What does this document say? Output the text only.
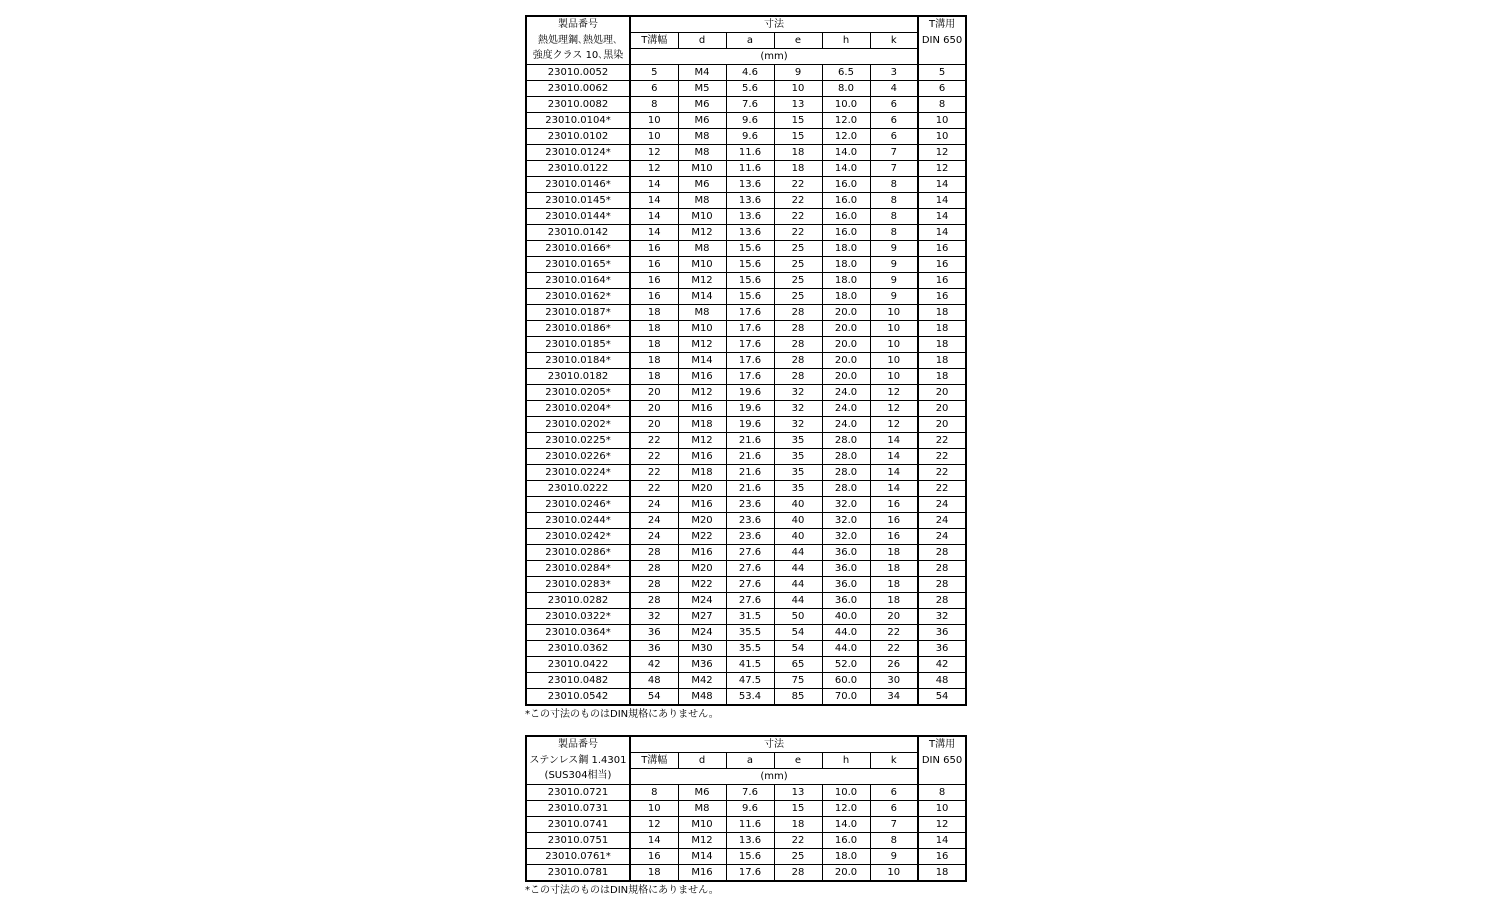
製品番号	寸法						T溝用
熱処理鋼､熱処理､	T溝幅	d	a	e	h	k	DIN 650
強度クラス 10､黒染	(mm)						
23010.0052	5	M4	4.6	9	6.5	3	5
23010.0062	6	M5	5.6	10	8.0	4	6
23010.0082	8	M6	7.6	13	10.0	6	8
23010.0104*	10	M6	9.6	15	12.0	6	10
23010.0102	10	M8	9.6	15	12.0	6	10
23010.0124*	12	M8	11.6	18	14.0	7	12
23010.0122	12	M10	11.6	18	14.0	7	12
23010.0146*	14	M6	13.6	22	16.0	8	14
23010.0145*	14	M8	13.6	22	16.0	8	14
23010.0144*	14	M10	13.6	22	16.0	8	14
23010.0142	14	M12	13.6	22	16.0	8	14
23010.0166*	16	M8	15.6	25	18.0	9	16
23010.0165*	16	M10	15.6	25	18.0	9	16
23010.0164*	16	M12	15.6	25	18.0	9	16
23010.0162*	16	M14	15.6	25	18.0	9	16
23010.0187*	18	M8	17.6	28	20.0	10	18
23010.0186*	18	M10	17.6	28	20.0	10	18
23010.0185*	18	M12	17.6	28	20.0	10	18
23010.0184*	18	M14	17.6	28	20.0	10	18
23010.0182	18	M16	17.6	28	20.0	10	18
23010.0205*	20	M12	19.6	32	24.0	12	20
23010.0204*	20	M16	19.6	32	24.0	12	20
23010.0202*	20	M18	19.6	32	24.0	12	20
23010.0225*	22	M12	21.6	35	28.0	14	22
23010.0226*	22	M16	21.6	35	28.0	14	22
23010.0224*	22	M18	21.6	35	28.0	14	22
23010.0222	22	M20	21.6	35	28.0	14	22
23010.0246*	24	M16	23.6	40	32.0	16	24
23010.0244*	24	M20	23.6	40	32.0	16	24
23010.0242*	24	M22	23.6	40	32.0	16	24
23010.0286*	28	M16	27.6	44	36.0	18	28
23010.0284*	28	M20	27.6	44	36.0	18	28
23010.0283*	28	M22	27.6	44	36.0	18	28
23010.0282	28	M24	27.6	44	36.0	18	28
23010.0322*	32	M27	31.5	50	40.0	20	32
23010.0364*	36	M24	35.5	54	44.0	22	36
23010.0362	36	M30	35.5	54	44.0	22	36
23010.0422	42	M36	41.5	65	52.0	26	42
23010.0482	48	M42	47.5	75	60.0	30	48
23010.0542	54	M48	53.4	85	70.0	34	54
*この寸法のものはDIN規格にありません。
製品番号	寸法						T溝用
ステンレス鋼 1.4301	T溝幅	d	a	e	h	k	DIN 650
(SUS304相当)	(mm)						
23010.0721	8	M6	7.6	13	10.0	6	8
23010.0731	10	M8	9.6	15	12.0	6	10
23010.0741	12	M10	11.6	18	14.0	7	12
23010.0751	14	M12	13.6	22	16.0	8	14
23010.0761*	16	M14	15.6	25	18.0	9	16
23010.0781	18	M16	17.6	28	20.0	10	18
*この寸法のものはDIN規格にありません。
